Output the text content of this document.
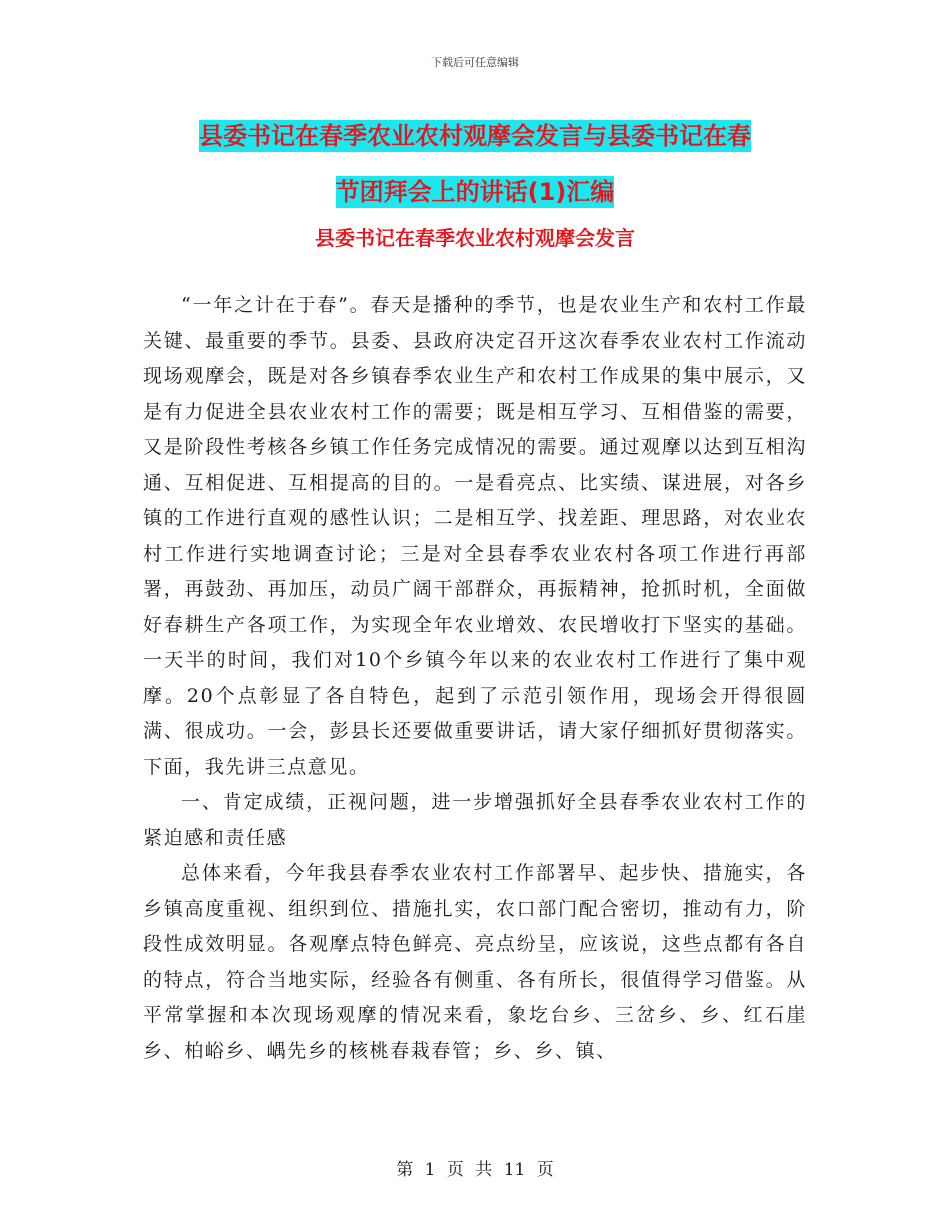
下载后可任意编辑
县委书记在春季农业农村观摩会发言与县委书记在春
节团拜会上的讲话(1)汇编
县委书记在春季农业农村观摩会发言

“一年之计在于春”。春天是播种的季节，也是农业生产和农村工作最关键、最重要的季节。县委、县政府决定召开这次春季农业农村工作流动现场观摩会，既是对各乡镇春季农业生产和农村工作成果的集中展示，又是有力促进全县农业农村工作的需要；既是相互学习、互相借鉴的需要，又是阶段性考核各乡镇工作任务完成情况的需要。通过观摩以达到互相沟通、互相促进、互相提高的目的。一是看亮点、比实绩、谋进展，对各乡镇的工作进行直观的感性认识；二是相互学、找差距、理思路，对农业农村工作进行实地调查讨论；三是对全县春季农业农村各项工作进行再部署，再鼓劲、再加压，动员广阔干部群众，再振精神，抢抓时机，全面做好春耕生产各项工作，为实现全年农业增效、农民增收打下坚实的基础。一天半的时间，我们对10个乡镇今年以来的农业农村工作进行了集中观摩。20个点彰显了各自特色，起到了示范引领作用，现场会开得很圆满、很成功。一会，彭县长还要做重要讲话，请大家仔细抓好贯彻落实。下面，我先讲三点意见。

一、肯定成绩，正视问题，进一步增强抓好全县春季农业农村工作的紧迫感和责任感

总体来看，今年我县春季农业农村工作部署早、起步快、措施实，各乡镇高度重视、组织到位、措施扎实，农口部门配合密切，推动有力，阶段性成效明显。各观摩点特色鲜亮、亮点纷呈，应该说，这些点都有各自的特点，符合当地实际，经验各有侧重、各有所长，很值得学习借鉴。从平常掌握和本次现场观摩的情况来看，象圪台乡、三岔乡、乡、红石崖乡、柏峪乡、嵎先乡的核桃春栽春管；乡、乡、镇、

第 1 页 共 11 页
